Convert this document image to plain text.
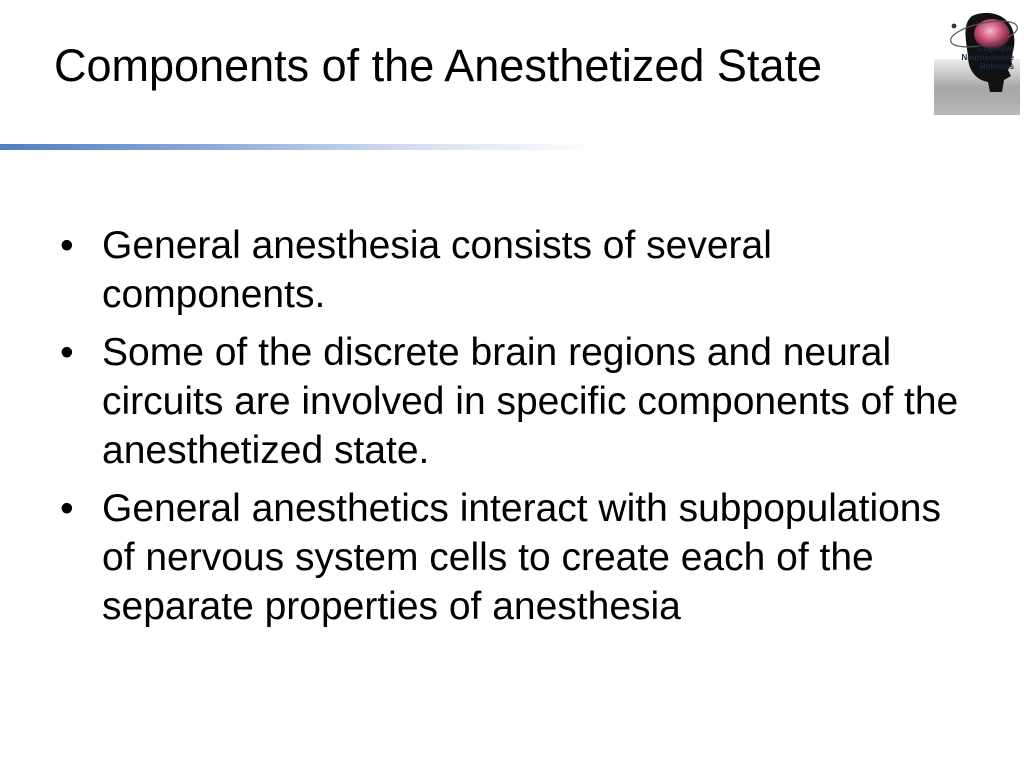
Components of the Anesthetized State	Cognitive
Neuroscience
Robotics
• General anesthesia consists of several components.
• Some of the discrete brain regions and neural circuits are involved in specific components of the anesthetized state.
• General anesthetics interact with subpopulations of nervous system cells to create each of the separate properties of anesthesia
